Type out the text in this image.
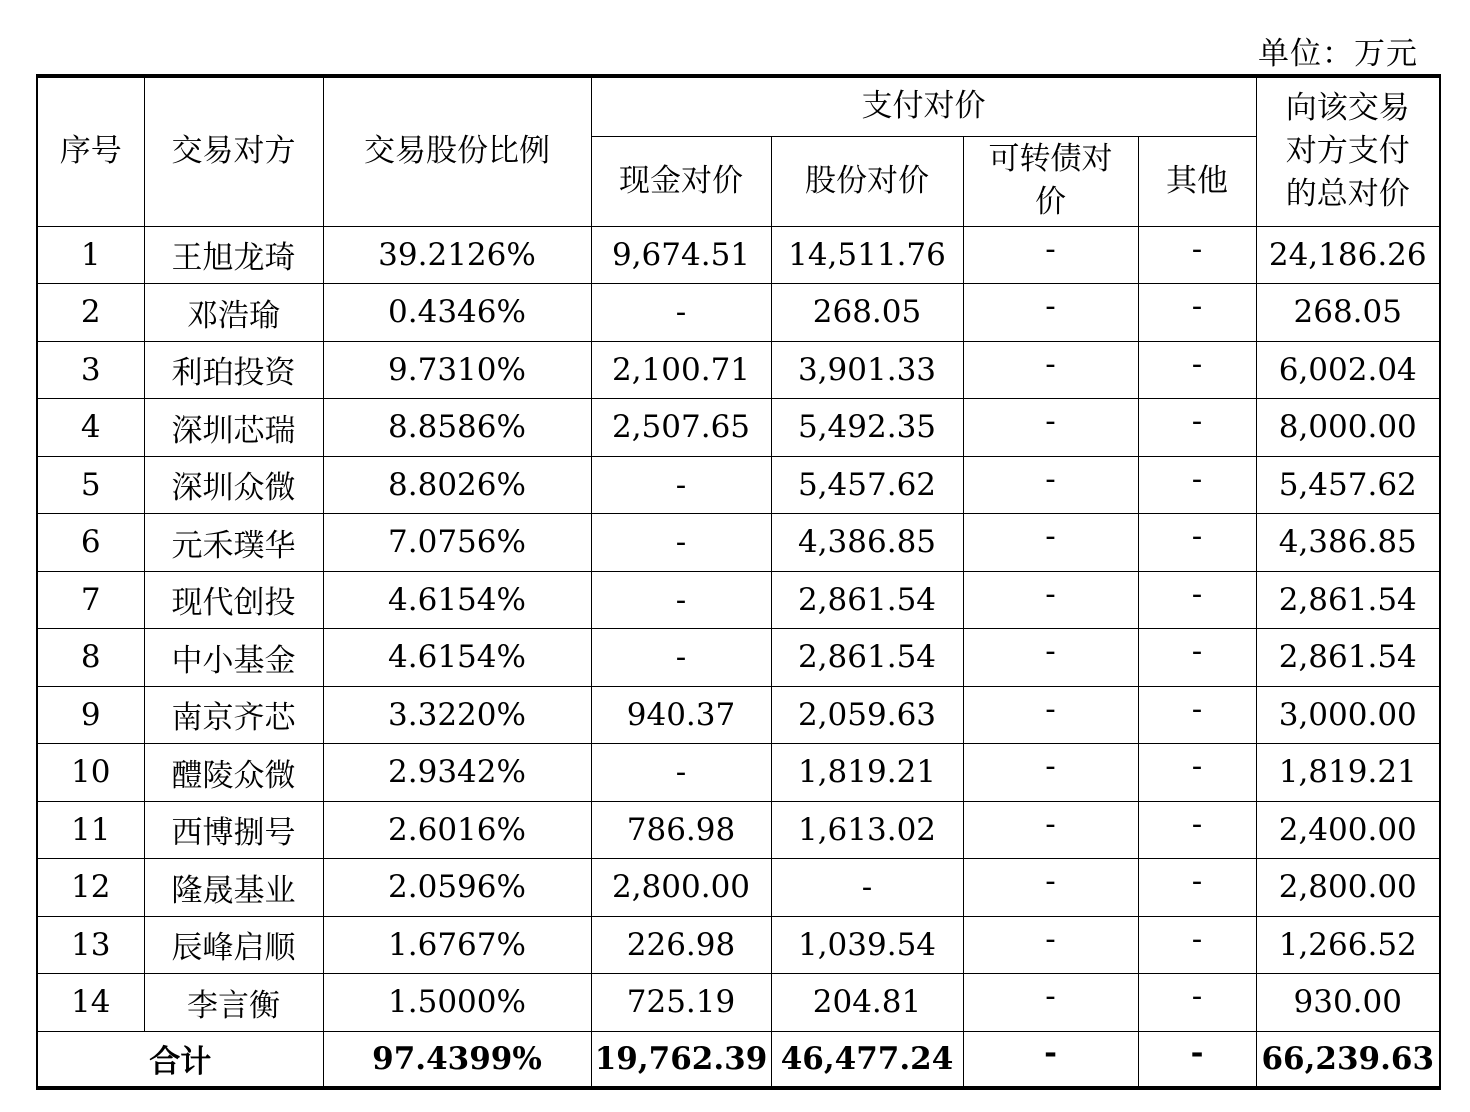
单位：万元
序号	交易对方	交易股份比例	支付对价				向该交易对方支付的总对价

			现金对价	股份对价	可转债对价	其他	
1	王旭龙琦	39.2126%	9,674.51	14,511.76	-	-	24,186.26
2	邓浩瑜	0.4346%	-	268.05	-	-	268.05
3	利珀投资	9.7310%	2,100.71	3,901.33	-	-	6,002.04
4	深圳芯瑞	8.8586%	2,507.65	5,492.35	-	-	8,000.00
5	深圳众微	8.8026%	-	5,457.62	-	-	5,457.62
6	元禾璞华	7.0756%	-	4,386.85	-	-	4,386.85
7	现代创投	4.6154%	-	2,861.54	-	-	2,861.54
8	中小基金	4.6154%	-	2,861.54	-	-	2,861.54
9	南京齐芯	3.3220%	940.37	2,059.63	-	-	3,000.00
10	醴陵众微	2.9342%	-	1,819.21	-	-	1,819.21
11	西博捌号	2.6016%	786.98	1,613.02	-	-	2,400.00
12	隆晟基业	2.0596%	2,800.00	-	-	-	2,800.00
13	辰峰启顺	1.6767%	226.98	1,039.54	-	-	1,266.52
14	李言衡	1.5000%	725.19	204.81	-	-	930.00
合计		97.4399%	19,762.39	46,477.24	-	-	66,239.63
